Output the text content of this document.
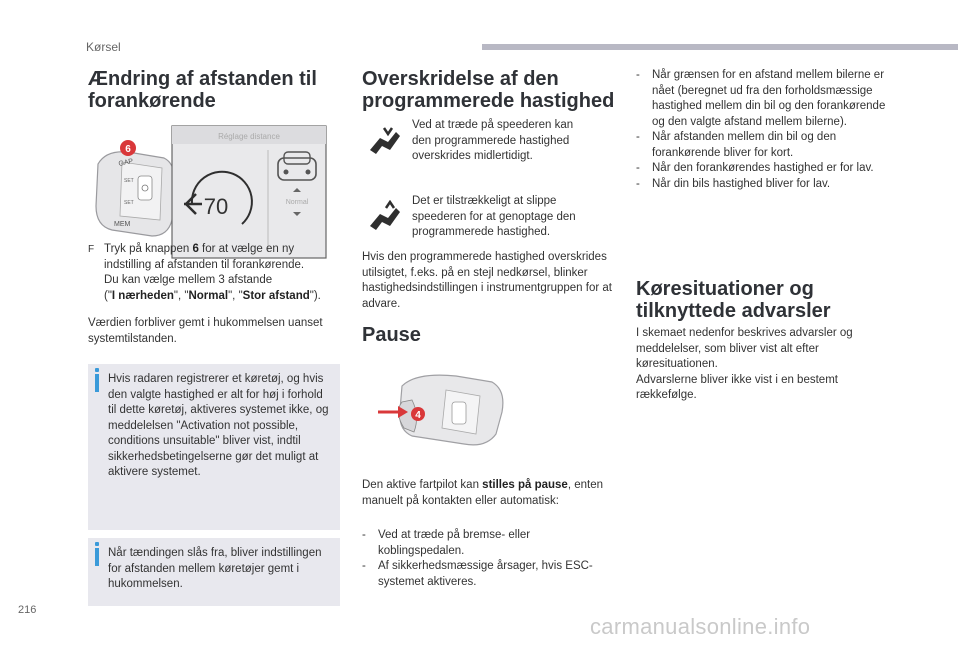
Kørsel
Ændring af afstanden til forankørende
GAP
SET
SET
MEM
6
Réglage distance
70	Normal
F Tryk på knappen 6 for at vælge en ny indstilling af afstanden til forankørende.
Du kan vælge mellem 3 afstande
("I nærheden", "Normal", "Stor afstand").
Værdien forbliver gemt i hukommelsen uanset systemtilstanden.
Hvis radaren registrerer et køretøj, og hvis den valgte hastighed er alt for høj i forhold til dette køretøj, aktiveres systemet ikke, og meddelelsen "Activation not possible, conditions unsuitable" bliver vist, indtil sikkerhedsbetingelserne gør det muligt at aktivere systemet.
Når tændingen slås fra, bliver indstillingen for afstanden mellem køretøjer gemt i hukommelsen.
Overskridelse af den programmerede hastighed
Ved at træde på speederen kan den programmerede hastighed overskrides midlertidigt.
Det er tilstrækkeligt at slippe speederen for at genoptage den programmerede hastighed.
Hvis den programmerede hastighed overskrides utilsigtet, f.eks. på en stejl nedkørsel, blinker hastighedsindstillingen i instrumentgruppen for at advare.
Pause
4
Den aktive fartpilot kan stilles på pause, enten manuelt på kontakten eller automatisk:
- Ved at træde på bremse- eller koblingspedalen.
- Af sikkerhedsmæssige årsager, hvis ESC-systemet aktiveres.
- Når grænsen for en afstand mellem bilerne er nået (beregnet ud fra den forholdsmæssige hastighed mellem din bil og den forankørende og den valgte afstand mellem bilerne).
- Når afstanden mellem din bil og den forankørende bliver for kort.
- Når den forankørendes hastighed er for lav.
- Når din bils hastighed bliver for lav.
Køresituationer og tilknyttede advarsler
I skemaet nedenfor beskrives advarsler og meddelelser, som bliver vist alt efter køresituationen.
Advarslerne bliver ikke vist i en bestemt rækkefølge.
216
carmanualsonline.info
